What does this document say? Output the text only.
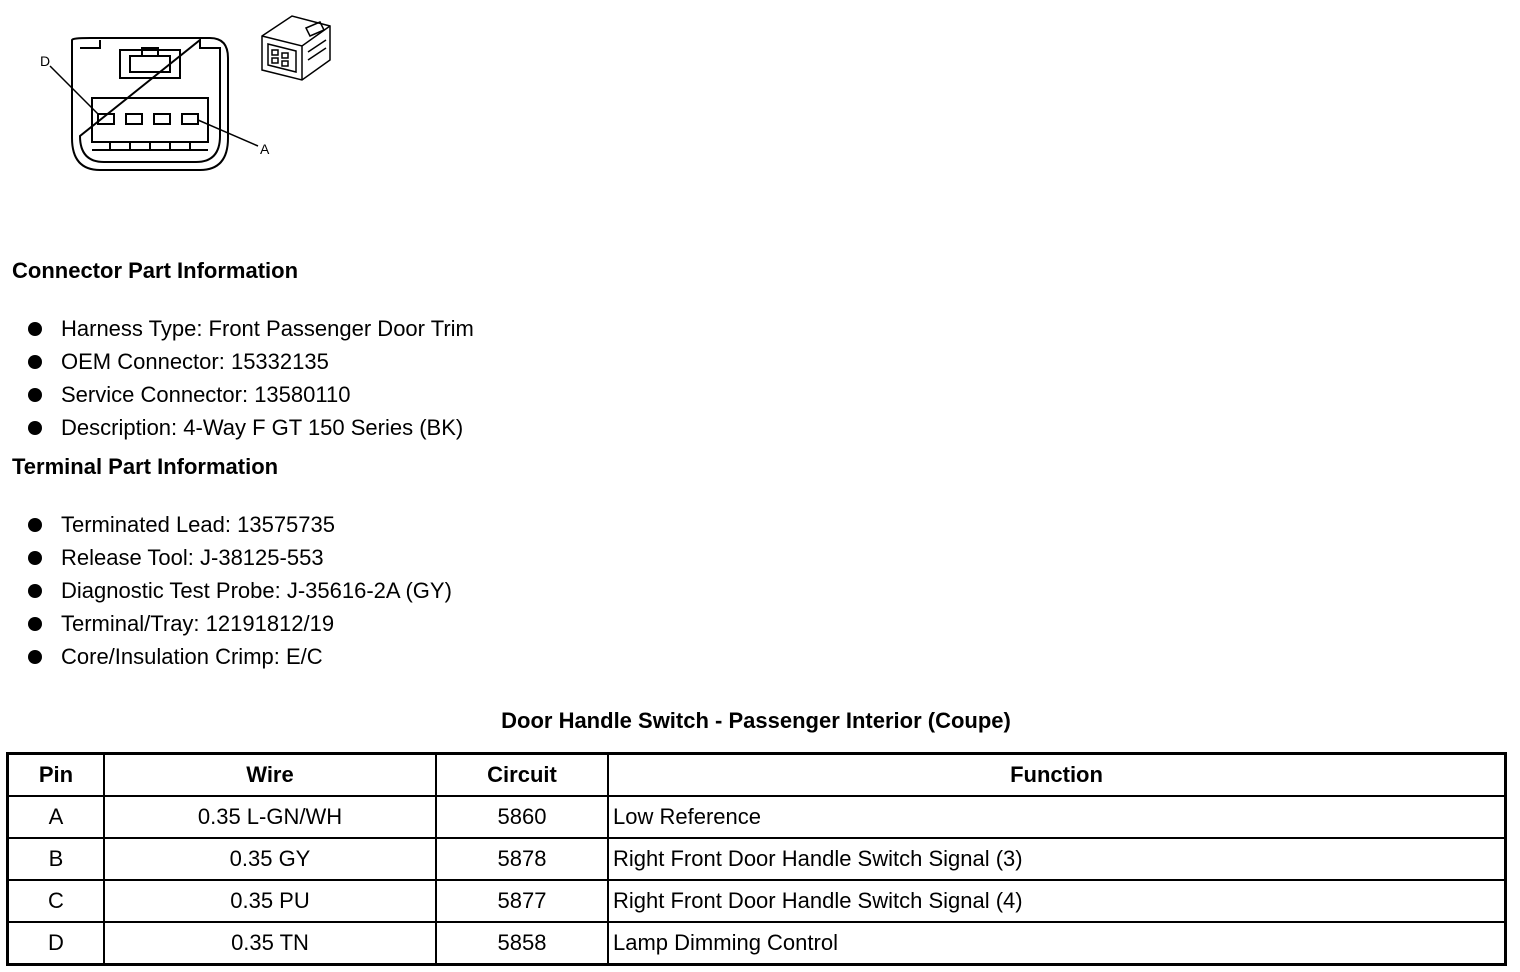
D
A
Connector Part Information
Harness Type: Front Passenger Door Trim
OEM Connector: 15332135
Service Connector: 13580110
Description: 4-Way F GT 150 Series (BK)
Terminal Part Information
Terminated Lead: 13575735
Release Tool: J-38125-553
Diagnostic Test Probe: J-35616-2A (GY)
Terminal/Tray: 12191812/19
Core/Insulation Crimp: E/C
Door Handle Switch - Passenger Interior (Coupe)
Pin	Wire	Circuit	Function
A	0.35 L-GN/WH	5860	Low Reference
B	0.35 GY	5878	Right Front Door Handle Switch Signal (3)
C	0.35 PU	5877	Right Front Door Handle Switch Signal (4)
D	0.35 TN	5858	Lamp Dimming Control
